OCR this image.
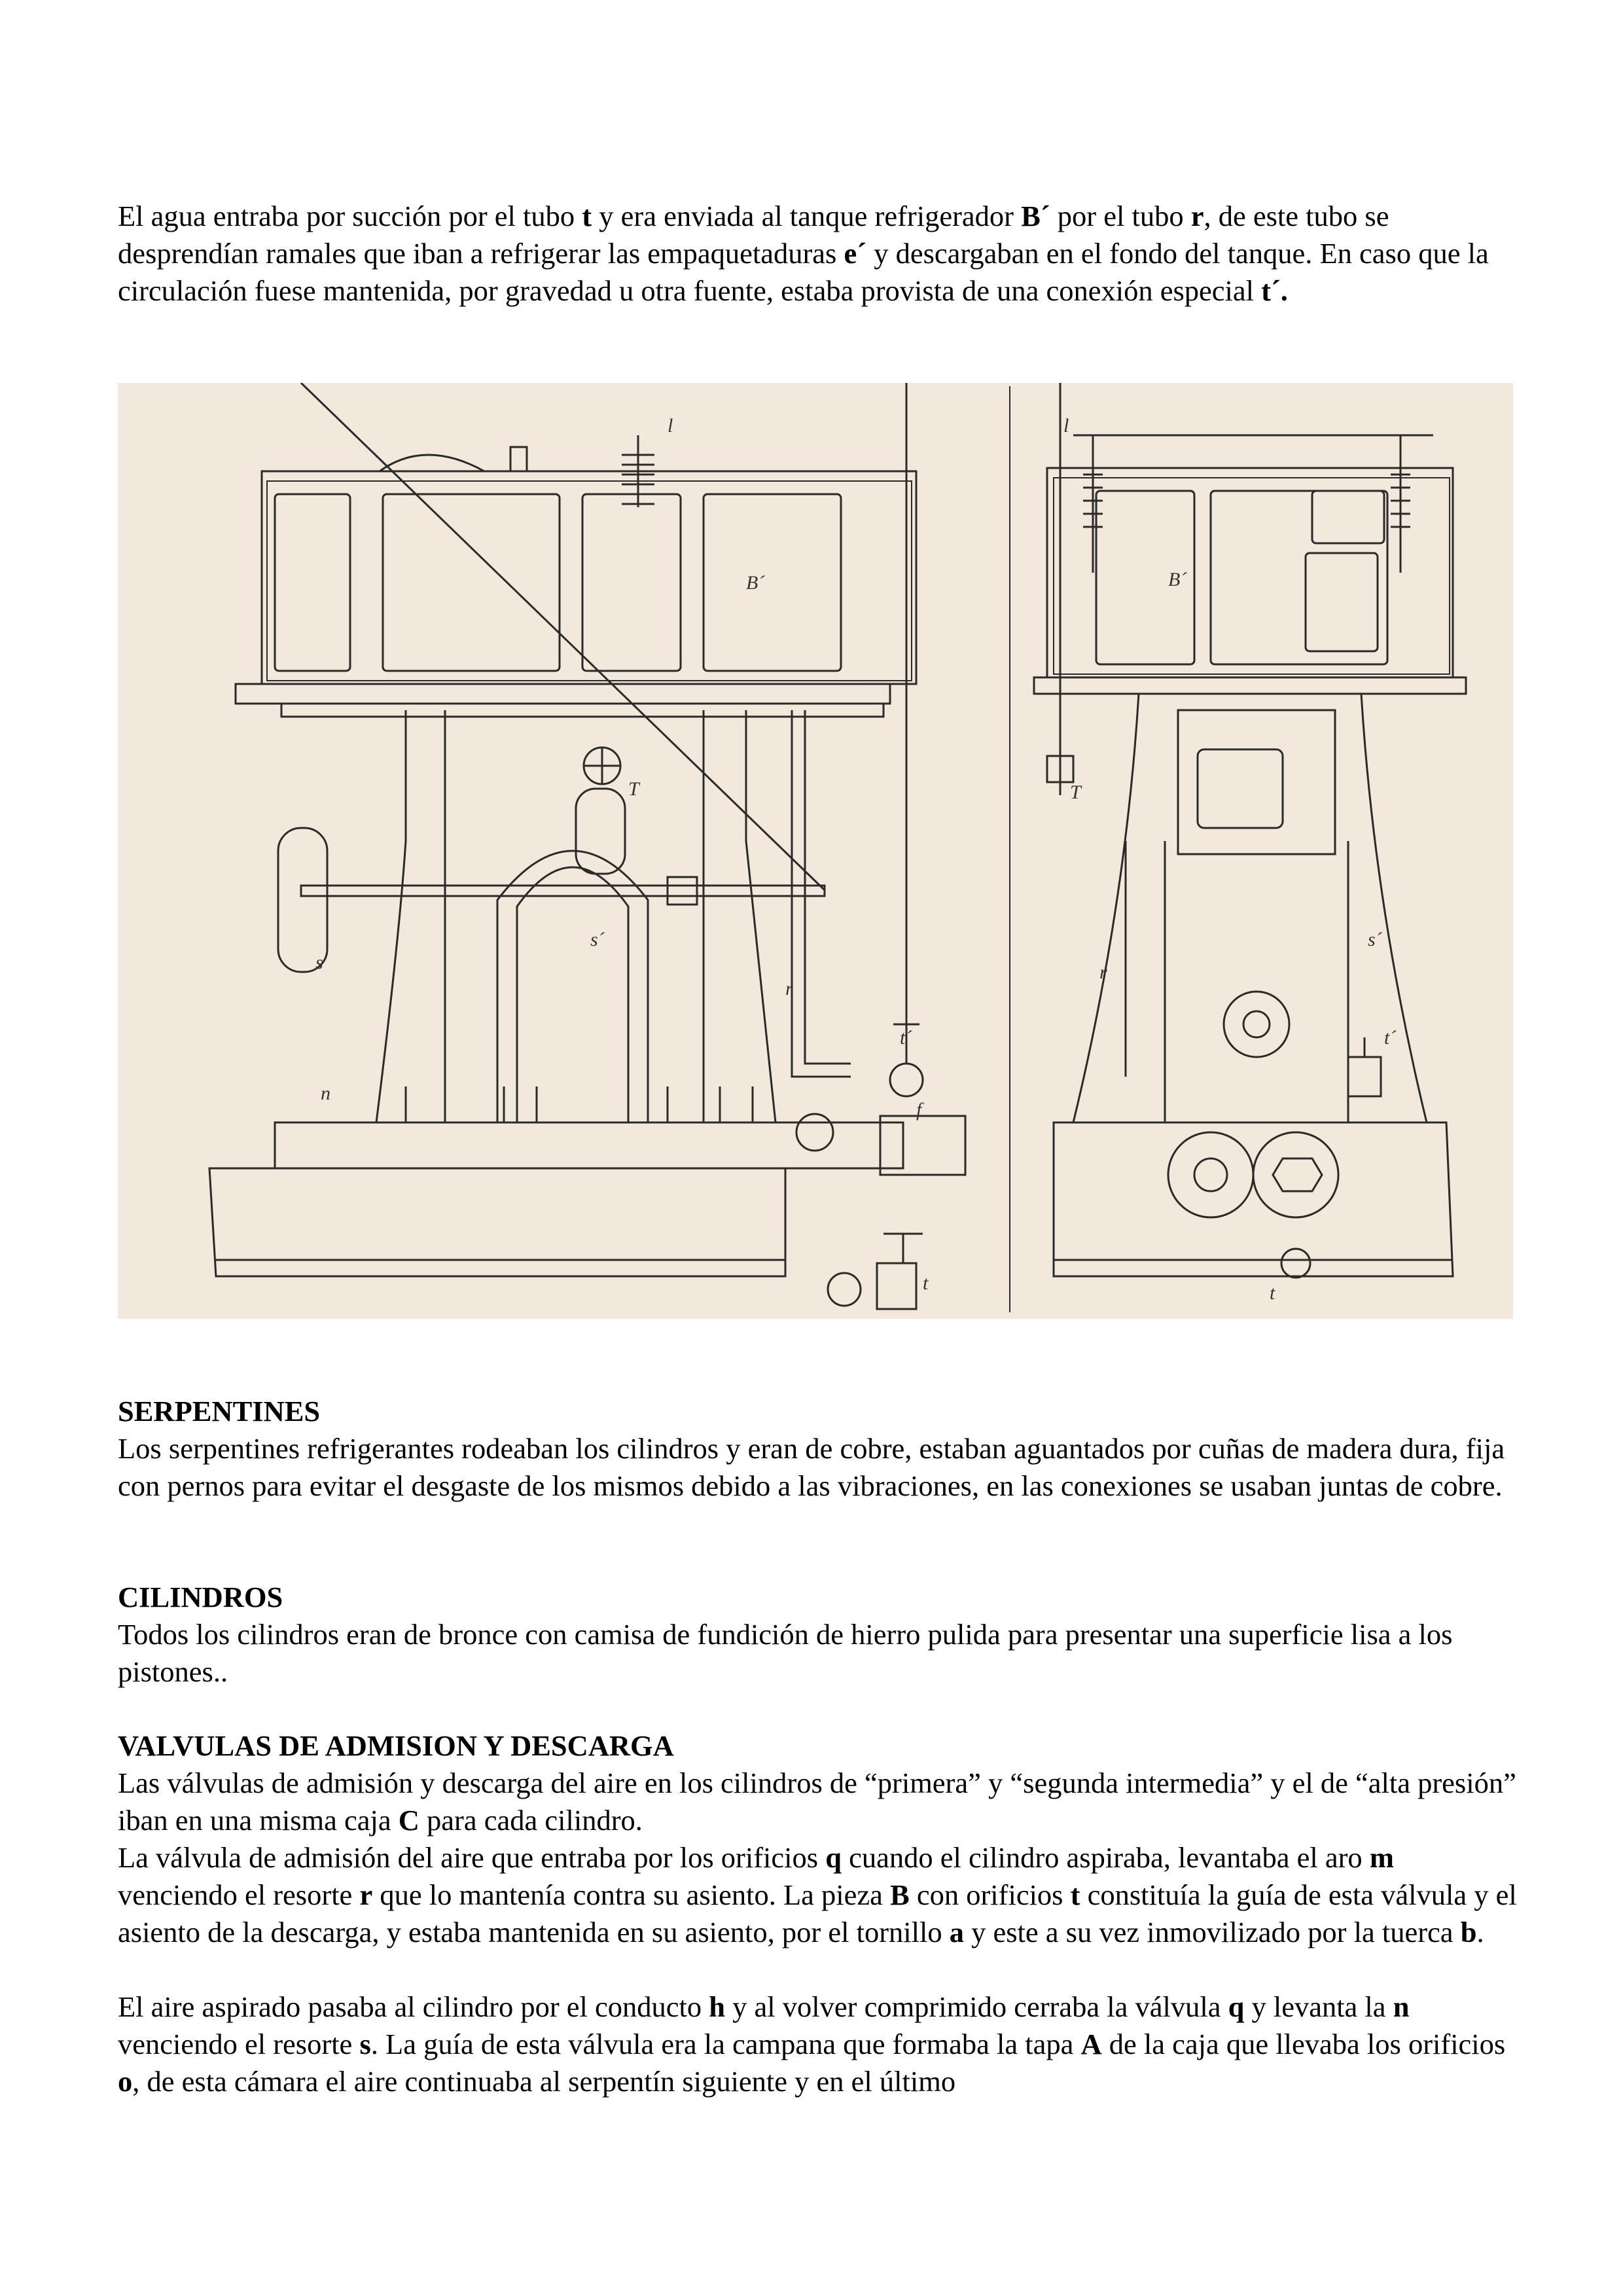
El agua entraba por succión por el tubo t y era enviada al tanque refrigerador B´ por el tubo r, de este tubo se desprendían ramales que iban a refrigerar las empaquetaduras e´ y descargaban en el fondo del tanque. En caso que la circulación fuese mantenida, por gravedad u otra fuente, estaba provista de una conexión especial t´.

l
B´
T
s
s´
r
n
t´
f
t
l
B´
T
s´
r
t´
t

SERPENTINES

Los serpentines refrigerantes rodeaban los cilindros y eran de cobre, estaban aguantados por cuñas de madera dura, fija con pernos para evitar el desgaste de los mismos debido a las vibraciones, en las conexiones se usaban juntas de cobre.

CILINDROS

Todos los cilindros eran de bronce con camisa de fundición de hierro pulida para presentar una superficie lisa a los pistones..

VALVULAS DE ADMISION Y DESCARGA

Las válvulas de admisión y descarga del aire en los cilindros de “primera” y “segunda intermedia” y el de “alta presión” iban en una misma caja C para cada cilindro.

La válvula de admisión del aire que entraba por los orificios q cuando el cilindro aspiraba, levantaba el aro m venciendo el resorte r que lo mantenía contra su asiento. La pieza B con orificios t constituía la guía de esta válvula y el asiento de la descarga, y estaba mantenida en su asiento, por el tornillo a y este a su vez inmovilizado por la tuerca b.

El aire aspirado pasaba al cilindro por el conducto h y al volver comprimido cerraba la válvula q y levanta la n venciendo el resorte s. La guía de esta válvula era la campana que formaba la tapa A de la caja que llevaba los orificios o, de esta cámara el aire continuaba al serpentín siguiente y en el último
